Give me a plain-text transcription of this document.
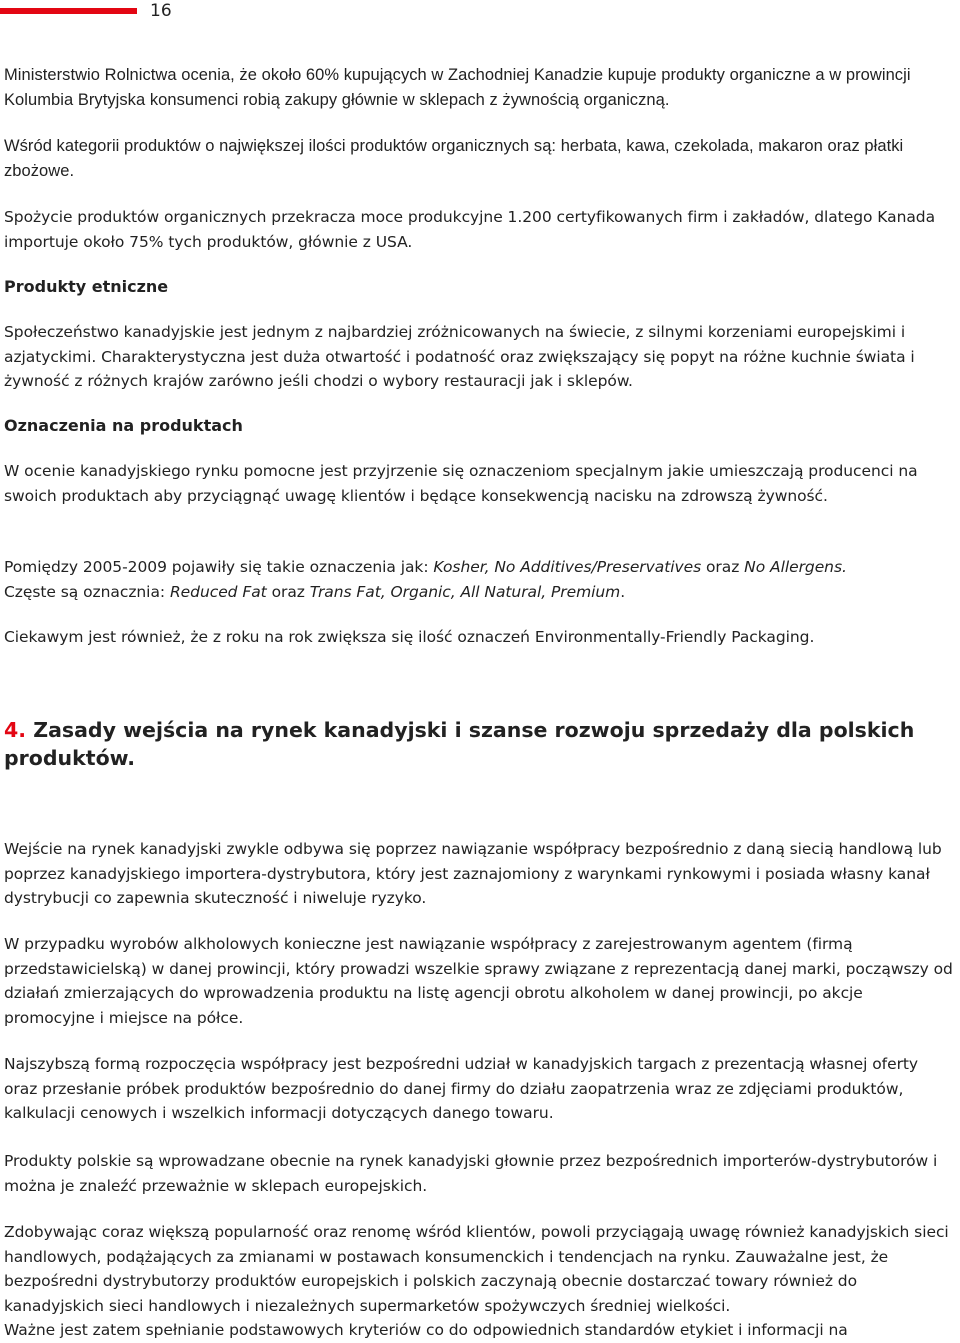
16

Ministerstwio Rolnictwa ocenia, że około 60% kupujących w Zachodniej Kanadzie kupuje produkty organiczne a w prowincji Kolumbia Brytyjska konsumenci robią zakupy głównie w sklepach z żywnością organiczną.

Wśród kategorii produktów o największej ilości produktów organicznych są: herbata, kawa, czekolada, makaron oraz płatki zbożowe.

Spożycie produktów organicznych przekracza moce produkcyjne 1.200 certyfikowanych firm i zakładów, dlatego Kanada importuje około 75% tych produktów, głównie z USA.

Produkty etniczne

Społeczeństwo kanadyjskie jest jednym z najbardziej zróżnicowanych na świecie, z silnymi korzeniami europejskimi i azjatyckimi. Charakterystyczna jest duża otwartość i podatność oraz zwiększający się popyt na różne kuchnie świata i żywność z różnych krajów zarówno jeśli chodzi o wybory restauracji jak i sklepów.

Oznaczenia na produktach

W ocenie kanadyjskiego rynku pomocne jest przyjrzenie się oznaczeniom specjalnym jakie umieszczają producenci na swoich produktach aby przyciągnąć uwagę klientów i będące konsekwencją nacisku na zdrowszą żywność.

Pomiędzy 2005-2009 pojawiły się takie oznaczenia jak: Kosher, No Additives/Preservatives oraz No Allergens.
Częste są oznacznia: Reduced Fat oraz Trans Fat, Organic, All Natural, Premium.

Ciekawym jest również, że z roku na rok zwiększa się ilość oznaczeń Environmentally-Friendly Packaging.

4. Zasady wejścia na rynek kanadyjski i szanse rozwoju sprzedaży dla polskich produktów.

Wejście na rynek kanadyjski zwykle odbywa się poprzez nawiązanie współpracy bezpośrednio z daną siecią handlową lub poprzez kanadyjskiego importera-dystrybutora, który jest zaznajomiony z warynkami rynkowymi i posiada własny kanał dystrybucji co zapewnia skuteczność i niweluje ryzyko.

W przypadku wyrobów alkholowych konieczne jest nawiązanie współpracy z zarejestrowanym agentem (firmą przedstawicielską) w danej prowincji, który prowadzi wszelkie sprawy związane z reprezentacją danej marki, począwszy od działań zmierzających do wprowadzenia produktu na listę agencji obrotu alkoholem w danej prowincji, po akcje promocyjne i miejsce na półce.

Najszybszą formą rozpoczęcia współpracy jest bezpośredni udział w kanadyjskich targach z prezentacją własnej oferty oraz przesłanie próbek produktów bezpośrednio do danej firmy do działu zaopatrzenia wraz ze zdjęciami produktów, kalkulacji cenowych i wszelkich informacji dotyczących danego towaru.

Produkty polskie są wprowadzane obecnie na rynek kanadyjski głownie przez bezpośrednich importerów-dystrybutorów i można je znaleźć przeważnie w sklepach europejskich.

Zdobywając coraz większą popularność oraz renomę wśród klientów, powoli przyciągają uwagę również kanadyjskich sieci handlowych, podążających za zmianami w postawach konsumenckich i tendencjach na rynku. Zauważalne jest, że bezpośredni dystrybutorzy produktów europejskich i polskich zaczynają obecnie dostarczać towary również do kanadyjskich sieci handlowych i niezależnych supermarketów spożywczych średniej wielkości.

Ważne jest zatem spełnianie podstawowych kryteriów co do odpowiednich standardów etykiet i informacji na
